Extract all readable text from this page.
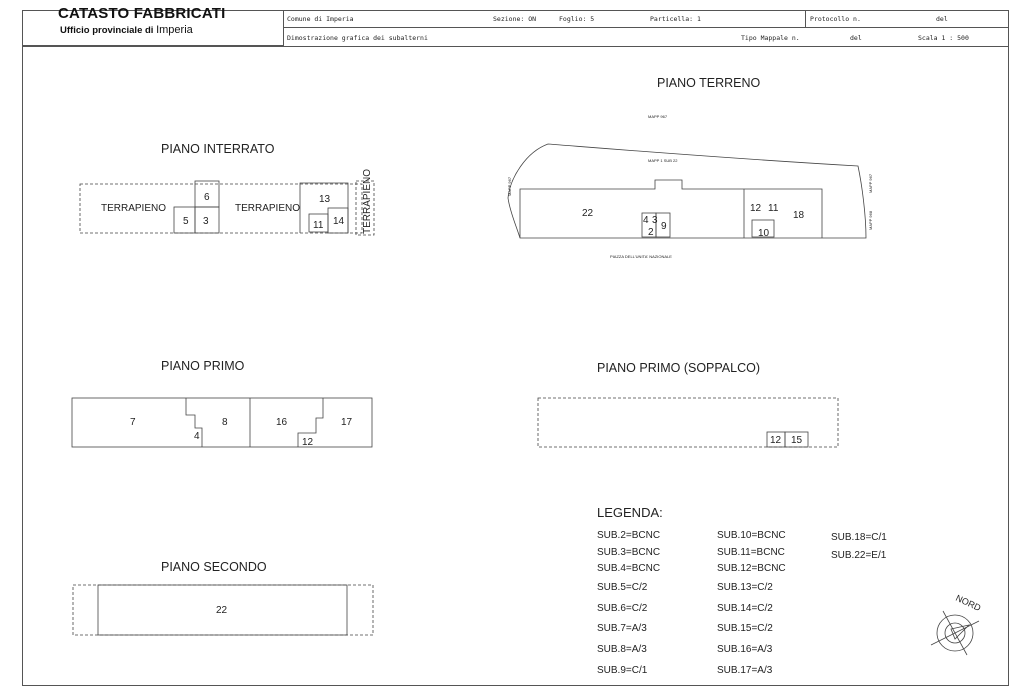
CATASTO FABBRICATI
Ufficio provinciale di Imperia
Comune di Imperia	Sezione: ON	Foglio: 5	Particella: 1	Protocollo n.	del
Dimostrazione grafica dei subalterni	Tipo Mappale n.	del	Scala 1 : 500
PIANO INTERRATO
PIANO TERRENO
PIANO PRIMO	PIANO PRIMO (SOPPALCO)
PIANO SECONDO
TERRAPIENO	TERRAPIENO
5 3
6	13
11 14 TERRAPIENO
MAPP 967
MAPP 1 SUB 22
MAPP 967	MAPP 967
MAPP 968
PIAZZA DELL'UNITA' NAZIONALE
22
4 3
9
2
12 11
10
18
7
4
8	16
12
17
12 15
22	NORD
LEGENDA:
SUB.2=BCNC
SUB.3=BCNC
SUB.4=BCNC
SUB.5=C/2
SUB.6=C/2
SUB.7=A/3
SUB.8=A/3
SUB.9=C/1
SUB.10=BCNC
SUB.11=BCNC
SUB.12=BCNC
SUB.13=C/2
SUB.14=C/2
SUB.15=C/2
SUB.16=A/3
SUB.17=A/3
SUB.18=C/1
SUB.22=E/1
